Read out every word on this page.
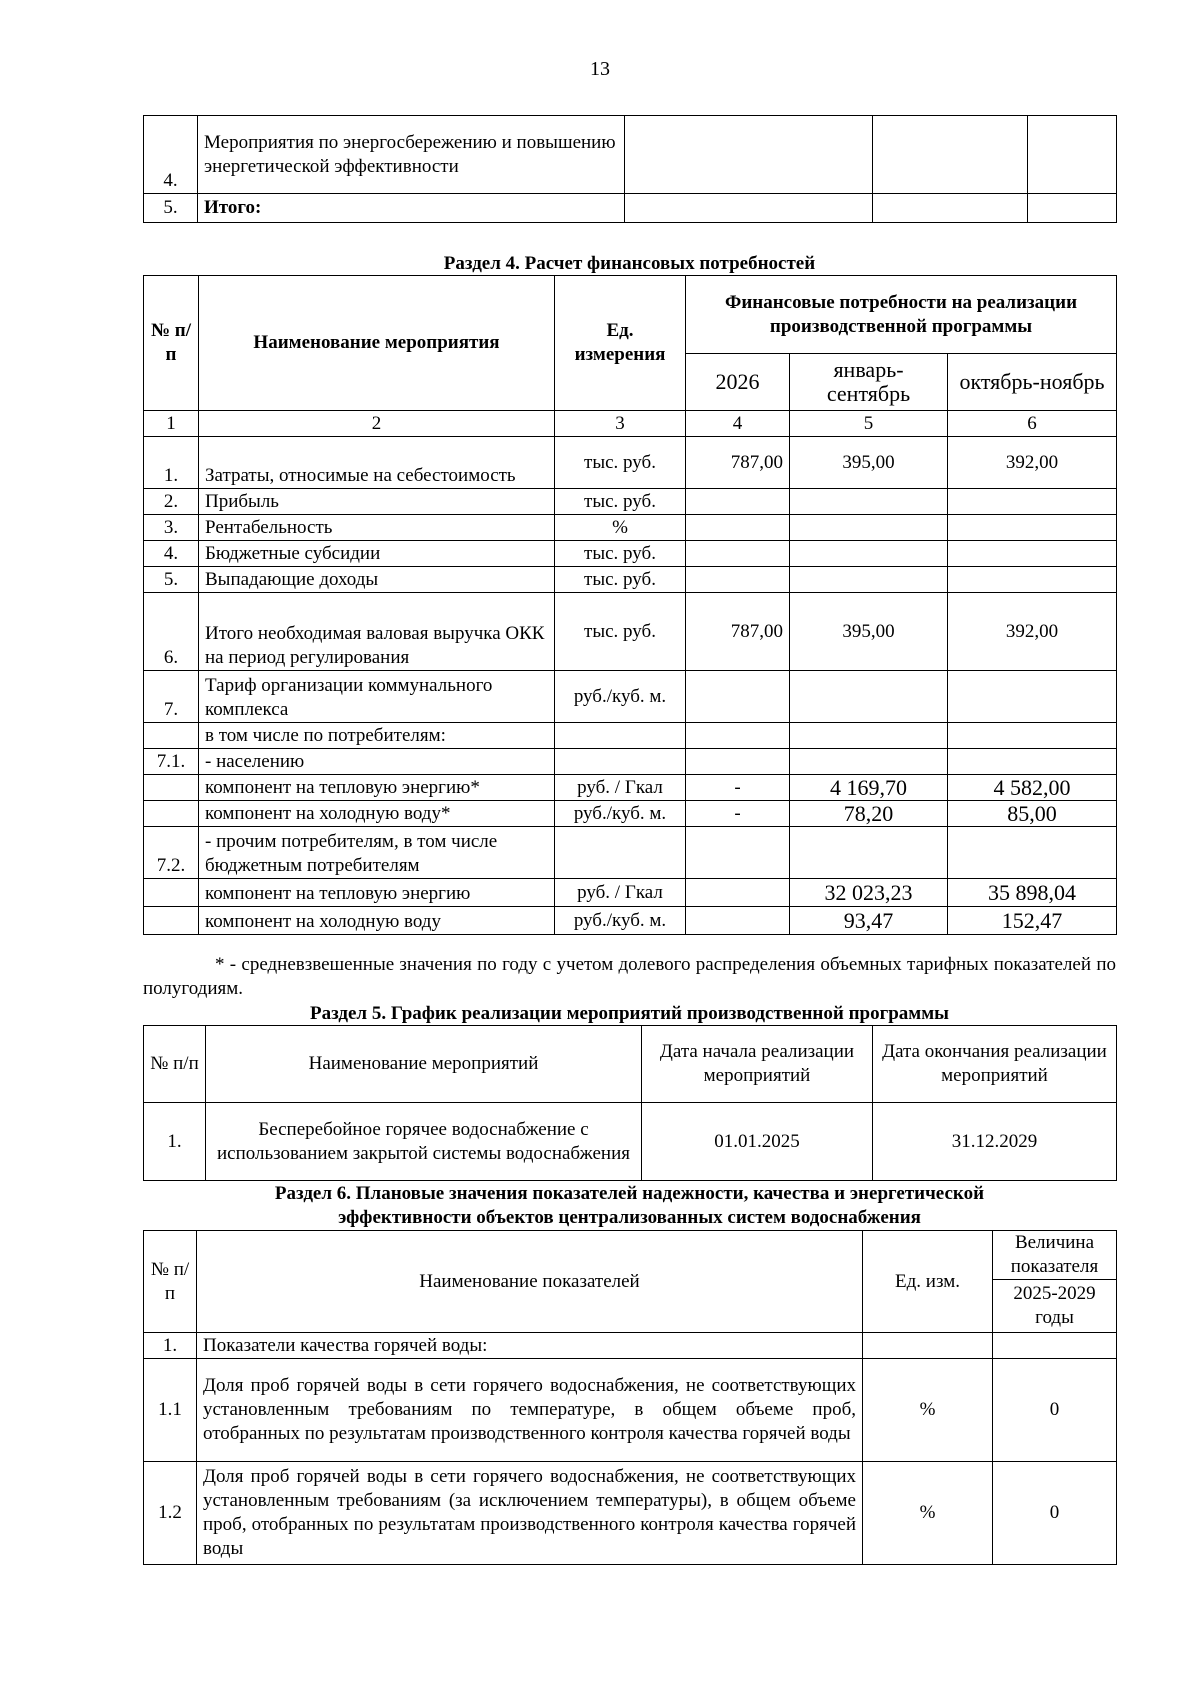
13
4.	Мероприятия по энергосбережению и повышению энергетической эффективности			
5.	Итого:			
Раздел 4. Расчет финансовых потребностей
№ п/п	Наименование мероприятия	Ед. измерения	Финансовые потребности на реализации производственной программы		
			2026	январь-сентябрь	октябрь-ноябрь
1	2	3	4	5	6
1.	Затраты, относимые на себестоимость	тыс. руб.	787,00	395,00	392,00
2.	Прибыль	тыс. руб.			
3.	Рентабельность	%			
4.	Бюджетные субсидии	тыс. руб.			
5.	Выпадающие доходы	тыс. руб.			
6.	Итого необходимая валовая выручка ОКК на период регулирования	тыс. руб.	787,00	395,00	392,00
7.	Тариф организации коммунального комплекса	руб./куб. м.			
	в том числе по потребителям:				
7.1.	- населению				
	компонент на тепловую энергию*	руб. / Гкал	-	4 169,70	4 582,00
	компонент на холодную воду*	руб./куб. м.	-	78,20	85,00
7.2.	- прочим потребителям, в том числе бюджетным потребителям				
	компонент на тепловую энергию	руб. / Гкал		32 023,23	35 898,04
	компонент на холодную воду	руб./куб. м.		93,47	152,47
* - средневзвешенные значения по году с учетом долевого распределения объемных тарифных показателей по полугодиям.
Раздел 5. График реализации мероприятий производственной программы
№ п/п	Наименование мероприятий	Дата начала реализации мероприятий	Дата окончания реализации мероприятий
1.	Бесперебойное горячее водоснабжение с использованием закрытой системы водоснабжения	01.01.2025	31.12.2029
Раздел 6. Плановые значения показателей надежности, качества и энергетической
эффективности объектов централизованных систем водоснабжения
№ п/п	Наименование показателей	Ед. изм.	Величина показателя
			2025-2029 годы
1.	Показатели качества горячей воды:		
1.1	Доля проб горячей воды в сети горячего водоснабжения, не соответствующих установленным требованиям по температуре, в общем объеме проб, отобранных по результатам производственного контроля качества горячей воды	%	0
1.2	Доля проб горячей воды в сети горячего водоснабжения, не соответствующих установленным требованиям (за исключением температуры), в общем объеме проб, отобранных по результатам производственного контроля качества горячей воды	%	0
